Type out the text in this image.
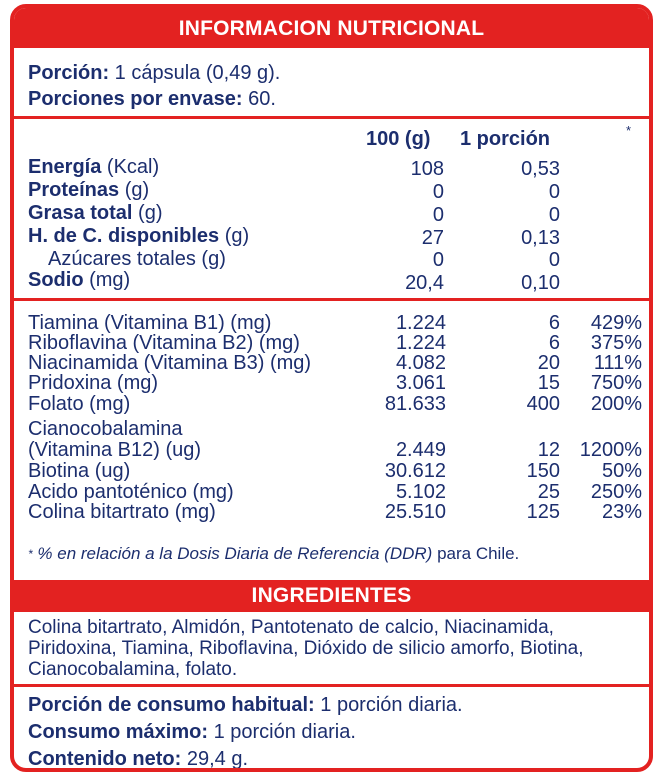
INFORMACION NUTRICIONAL
Porción: 1 cápsula (0,49 g).
Porciones por envase: 60.
100 (g) 1 porción	*
Energía (Kcal)	108	0,53
Proteínas (g)	0	0
Grasa total (g)	0	0
H. de C. disponibles (g)	27	0,13
Azúcares totales (g)	0	0
Sodio (mg)	20,4	0,10
Tiamina (Vitamina B1) (mg)	1.224	6	429%
Riboflavina (Vitamina B2) (mg)	1.224	6	375%
Niacinamida (Vitamina B3) (mg)	4.082	20	111%
Pridoxina (mg)	3.061	15	750%
Folato (mg)	81.633	400	200%
Cianocobalamina
(Vitamina B12) (ug)	2.449	12 1200%
Biotina (ug)	30.612	150	50%
Acido pantoténico (mg)	5.102	25	250%
Colina bitartrato (mg)	25.510	125	23%
* % en relación a la Dosis Diaria de Referencia (DDR) para Chile.
INGREDIENTES
Colina bitartrato, Almidón, Pantotenato de calcio, Niacinamida,
Piridoxina, Tiamina, Riboflavina, Dióxido de silicio amorfo, Biotina,
Cianocobalamina, folato.
Porción de consumo habitual: 1 porción diaria.
Consumo máximo: 1 porción diaria.
Contenido neto: 29,4 g.
